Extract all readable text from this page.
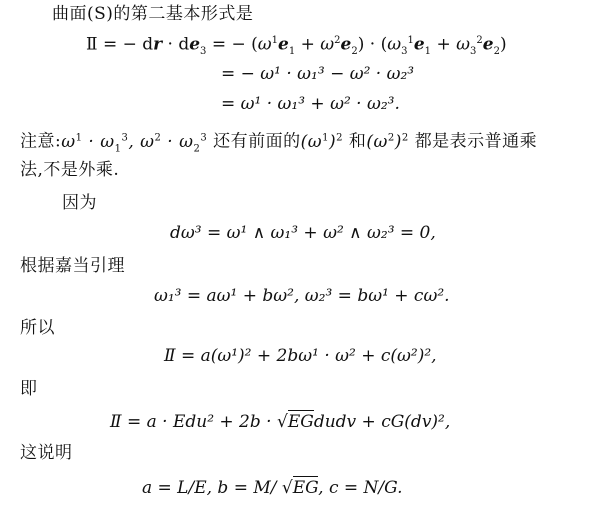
曲面(S)的第二基本形式是
Ⅱ = − dr · $de_3$ = − $(\omega^1e_1 + \omega^2e_2) \cdot (\omega_3^1e_1 + \omega_3^2e_2)$
= − ω¹ · ω₁³ − ω² · ω₂³
= ω¹ · ω₁³ + ω² · ω₂³.
注意$:\omega^1 \cdot \omega_1^3$, $\omega^2 \cdot \omega_2^3$ 还有前面的$(\omega^1)^2$ 和$(\omega^2)^2$ 都是表示普通乘
法,不是外乘.
因为
dω³ = ω¹ ∧ ω₁³ + ω² ∧ ω₂³ = 0,
根据嘉当引理
ω₁³ = aω¹ + bω², ω₂³ = bω¹ + cω².
所以
Ⅱ = a(ω¹)² + 2bω¹ · ω² + c(ω²)²,
即
Ⅱ = a · Edu² + 2b · √EGdudv + cG(dv)²,
这说明
a = L/E, b = M/ √EG, c = N/G.
